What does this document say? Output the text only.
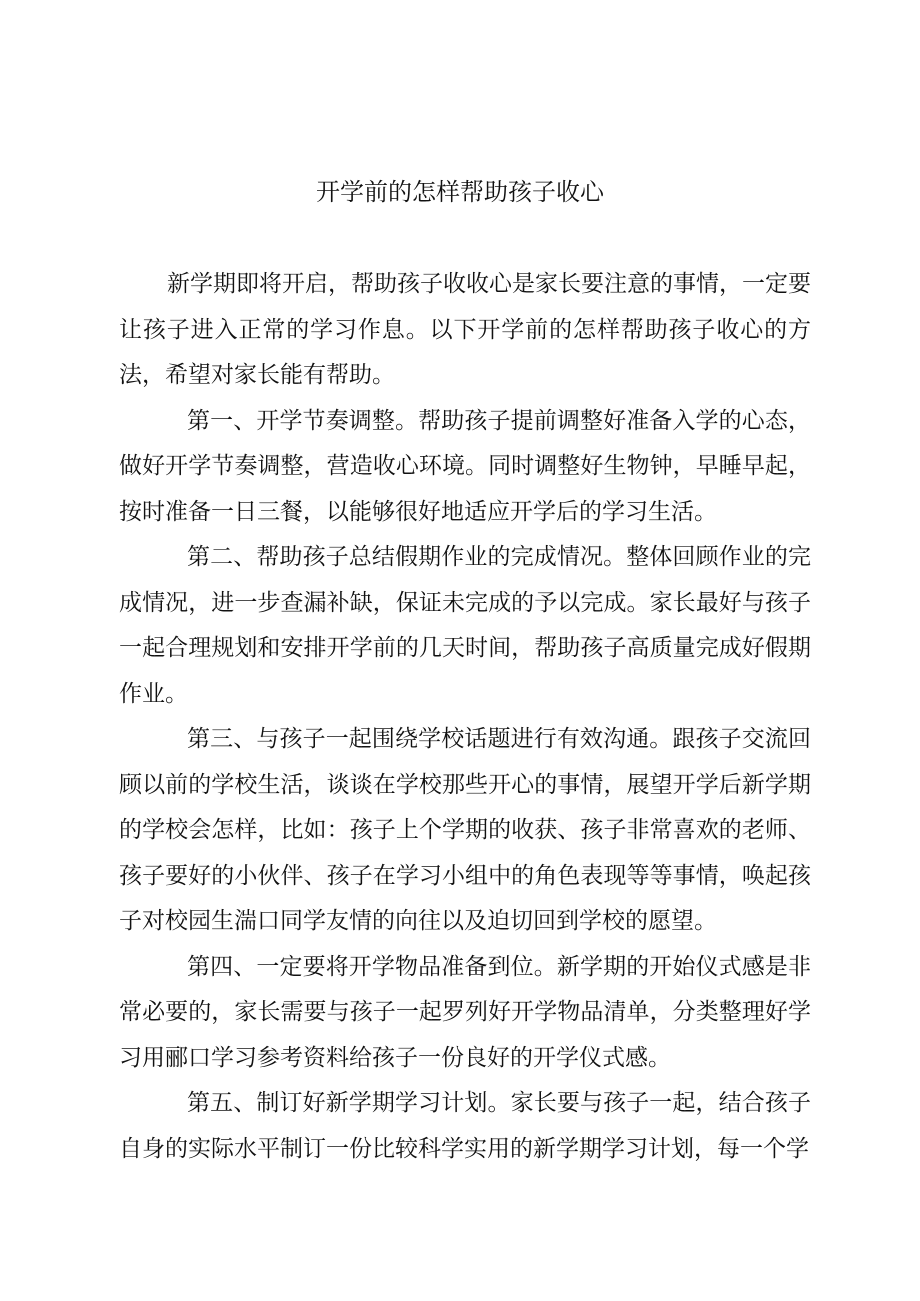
开学前的怎样帮助孩子收心

新学期即将开启，帮助孩子收收心是家长要注意的事情，一定要让孩子进入正常的学习作息。以下开学前的怎样帮助孩子收心的方法，希望对家长能有帮助。

第一、开学节奏调整。帮助孩子提前调整好准备入学的心态，做好开学节奏调整，营造收心环境。同时调整好生物钟，早睡早起，按时准备一日三餐，以能够很好地适应开学后的学习生活。

第二、帮助孩子总结假期作业的完成情况。整体回顾作业的完成情况，进一步查漏补缺，保证未完成的予以完成。家长最好与孩子一起合理规划和安排开学前的几天时间，帮助孩子高质量完成好假期作业。

第三、与孩子一起围绕学校话题进行有效沟通。跟孩子交流回顾以前的学校生活，谈谈在学校那些开心的事情，展望开学后新学期的学校会怎样，比如：孩子上个学期的收获、孩子非常喜欢的老师、孩子要好的小伙伴、孩子在学习小组中的角色表现等等事情，唤起孩子对校园生湍口同学友情的向往以及迫切回到学校的愿望。

第四、一定要将开学物品准备到位。新学期的开始仪式感是非常必要的，家长需要与孩子一起罗列好开学物品清单，分类整理好学习用郦口学习参考资料给孩子一份良好的开学仪式感。

第五、制订好新学期学习计划。家长要与孩子一起，结合孩子自身的实际水平制订一份比较科学实用的新学期学习计划，每一个学
